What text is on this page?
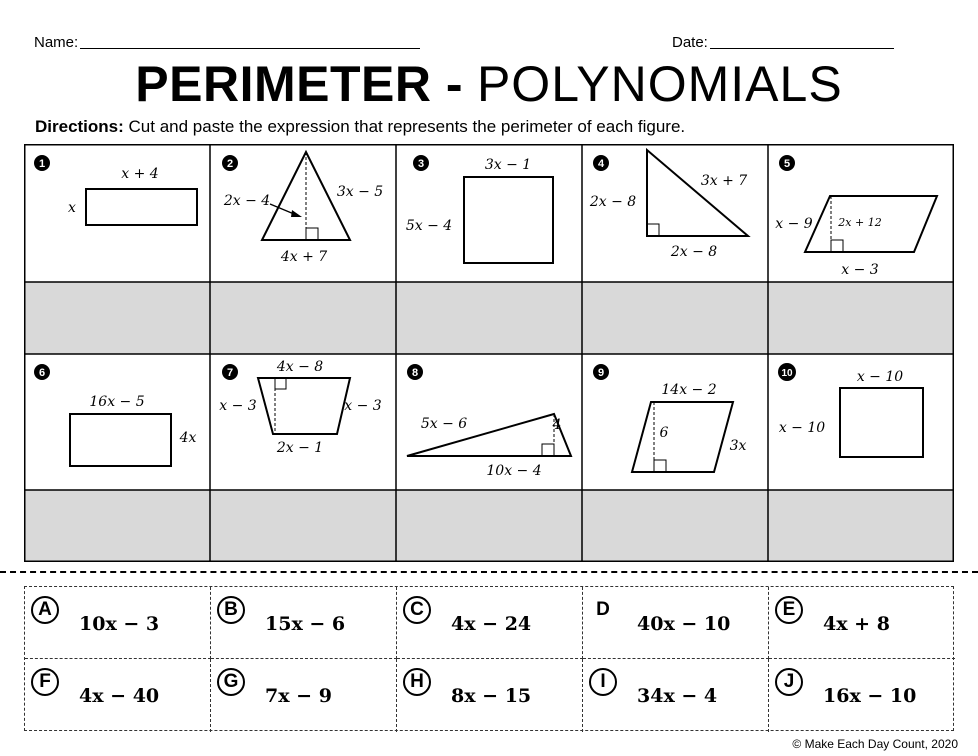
Name:	Date:
PERIMETER - POLYNOMIALS
Directions: Cut and paste the expression that represents the perimeter of each figure.
1
x + 4
x
2
2x − 4
3x − 5
4x + 7
3	3x − 1
5x − 4
4
2x − 8
3x + 7
2x − 8
5
x − 9 2x + 12
x − 3
6
16x − 5
4x
7	4x − 8
x − 3	x − 3
2x − 1
8
5x − 6	4
10x − 4
9
14x − 2
6
3x
10	x − 10
x − 10
A
10x − 3
B
15x − 6
C
4x − 24
D
40x − 10
E
4x + 8
F
4x − 40
G
7x − 9
H
8x − 15
I
34x − 4
J
16x − 10
© Make Each Day Count, 2020
